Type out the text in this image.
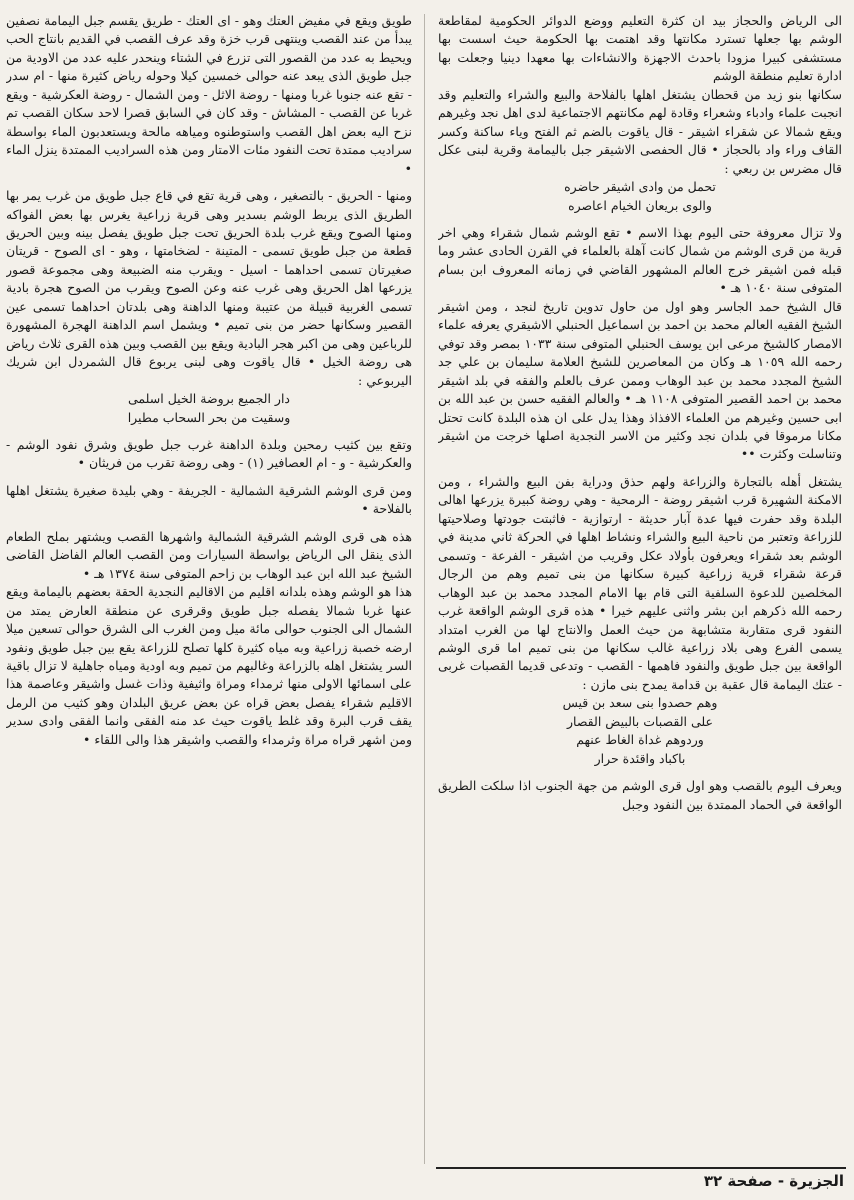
الى الرياض والحجاز بيد ان كثرة التعليم ووضع الدوائر الحكومية لمقاطعة الوشم بها جعلها تسترد مكانتها وقد اهتمت بها الحكومة حيث اسست بها مستشفى كبيرا مزودا باحدث الاجهزة والانشاءات بها معهدا دينيا وجعلت بها ادارة تعليم منطقة الوشم

سكانها بنو زيد من قحطان يشتغل اهلها بالفلاحة والبيع والشراء والتعليم وقد انجبت علماء وادباء وشعراء وقادة لهم مكانتهم الاجتماعية لدى اهل نجد وغيرهم ويقع شمالا عن شقراء اشيقر - قال ياقوت بالضم ثم الفتح وياء ساكنة وكسر القاف وراء واد بالحجاز • قال الحفصى الاشيقر جبل باليمامة وقرية لبنى عكل قال مضرس بن ربعي :

تحمل من وادى اشيقر حاضره

والوى بريعان الخيام اعاصره

ولا تزال معروفة حتى اليوم بهذا الاسم • تقع الوشم شمال شقراء وهي اخر قرية من قرى الوشم من شمال كانت آهلة بالعلماء في القرن الحادى عشر وما قبله فمن اشيقر خرج العالم المشهور القاضي في زمانه المعروف ابن بسام المتوفى سنة ١٠٤٠ هـ •

قال الشيخ حمد الجاسر وهو اول من حاول تدوين تاريخ لنجد ، ومن اشيقر الشيخ الفقيه العالم محمد بن احمد بن اسماعيل الحنبلي الاشيقري يعرفه علماء الامصار كالشيخ مرعى ابن يوسف الحنبلي المتوفى سنة ١٠٣٣ بمصر وقد توفي رحمه الله ١٠٥٩ هـ وكان من المعاصرين للشيخ العلامة سليمان بن علي جد الشيخ المجدد محمد بن عبد الوهاب وممن عرف بالعلم والفقه في بلد اشيقر محمد بن احمد القصير المتوفى ١١٠٨ هـ • والعالم الفقيه حسن بن عبد الله بن ابى حسين وغيرهم من العلماء الافذاذ وهذا يدل على ان هذه البلدة كانت تحتل مكانا مرموقا في بلدان نجد وكثير من الاسر النجدية اصلها خرجت من اشيقر وتناسلت وكثرت ••

يشتغل أهله بالتجارة والزراعة ولهم حذق ودراية بفن البيع والشراء ، ومن الامكنة الشهيرة قرب اشيقر روضة - الرمحية - وهي روضة كبيرة يزرعها اهالى البلدة وقد حفرت فيها عدة آبار حديثة - ارتوازية - فاثبتت جودتها وصلاحيتها للزراعة وتعتبر من ناحية البيع والشراء ونشاط اهلها في الحركة ثاني مدينة في الوشم بعد شقراء ويعرفون بأولاد عكل وقريب من اشيقر - الفرعة - وتسمى قرعة شقراء قرية زراعية كبيرة سكانها من بنى تميم وهم من الرجال المخلصين للدعوة السلفية التى قام بها الامام المجدد محمد بن عبد الوهاب رحمه الله ذكرهم ابن بشر واثنى عليهم خيرا • هذه قرى الوشم الواقعة غرب النفود قرى متقاربة متشابهة من حيث العمل والانتاج لها من الغرب امتداد يسمى الفرع وهى بلاد زراعية غالب سكانها من بنى تميم اما قرى الوشم الواقعة بين جبل طويق والنفود فاهمها - القصب - وتدعى قديما القصبات غربى - عتك اليمامة قال عقبة بن قدامة يمدح بنى مازن :

وهم حصدوا بنى سعد بن قيس

على القصبات بالبيض القصار

وردوهم غداة الغاط عنهم

باكباد واقئدة حرار

ويعرف اليوم بالقصب وهو اول قرى الوشم من جهة الجنوب اذا سلكت الطريق الواقعة في الحماد الممتدة بين النفود وجبل

طويق ويقع في مفيض العتك وهو - اى العتك - طريق يقسم جبل اليمامة نصفين يبدأ من عند القصب وينتهى قرب خزة وقد عرف القصب في القديم بانتاج الحب ويحيط به عدد من القصور التى تزرع في الشتاء وينحدر عليه عدد من الاودية من جبل طويق الذى يبعد عنه حوالى خمسين كيلا وحوله رياض كثيرة منها - ام سدر - تقع عنه جنوبا غربا ومنها - روضة الاثل - ومن الشمال - روضة العكرشية - ويقع غربا عن القصب - المشاش - وقد كان في السابق قصرا لاحد سكان القصب تم نزح اليه بعض اهل القصب واستوطنوه ومياهه مالحة ويستعدبون الماء بواسطة سراديب ممتدة تحت النفود مئات الامتار ومن هذه السراديب الممتدة ينزل الماء •

ومنها - الحريق - بالتصغير ، وهى قرية تقع في قاع جبل طويق من غرب يمر بها الطريق الذى يربط الوشم بسدير وهى قرية زراعية يغرس بها بعض الفواكه ومنها الصوح ويقع غرب بلدة الحريق تحت جبل طويق يفصل بينه وبين الحريق قطعة من جبل طويق تسمى - المتينة - لضخامتها ، وهو - اى الصوح - قريتان صغيرتان تسمى احداهما - اسيل - ويقرب منه الضبيعة وهى مجموعة قصور يزرعها اهل الحريق وهى غرب عنه وعن الصوح ويقرب من الصوح هجرة بادية تسمى الغربية قبيلة من عتيبة ومنها الداهنة وهى بلدتان احداهما تسمى عين القصير وسكانها حضر من بنى تميم • ويشمل اسم الداهنة الهجرة المشهورة للرباعين وهى من اكبر هجر البادية ويقع بين القصب وبين هذه القرى ثلاث رياض هى روضة الخيل • قال ياقوت وهى لبنى يربوع قال الشمردل ابن شريك اليربوعي :

دار الجميع بروضة الخيل اسلمى

وسقيت من بحر السحاب مطيرا

وتقع بين كثيب رمحين وبلدة الداهنة غرب جبل طويق وشرق نفود الوشم - والعكرشية - و - ام العصافير (١) - وهى روضة تقرب من فريثان •

ومن قرى الوشم الشرقية الشمالية - الجريفة - وهي بليدة صغيرة يشتغل اهلها بالفلاحة •

هذه هى قرى الوشم الشرقية الشمالية واشهرها القصب ويشتهر بملح الطعام الذى ينقل الى الرياض بواسطة السيارات ومن القصب العالم الفاضل القاضى الشيخ عبد الله ابن عبد الوهاب بن زاحم المتوفى سنة ١٣٧٤ هـ •

هذا هو الوشم وهذه بلدانه اقليم من الاقاليم النجدية الحقة بعضهم باليمامة ويقع عنها غربا شمالا يفصله جبل طويق وقرقرى عن منطقة العارض يمتد من الشمال الى الجنوب حوالى مائة ميل ومن الغرب الى الشرق حوالى تسعين ميلا ارضه خصبة زراعية وبه مياه كثيرة كلها تصلح للزراعة يقع بين جبل طويق ونفود السر يشتغل اهله بالزراعة وغالبهم من تميم وبه اودية ومياه جاهلية لا تزال باقية على اسمائها الاولى منها ثرمداء ومراة واثيفية وذات غسل واشيقر وعاصمة هذا الاقليم شقراء يفصل بعض قراه عن بعض عريق البلدان وهو كثيب من الرمل يقف قرب البرة وقد غلط ياقوت حيث عد منه الفقى وانما الفقى وادى سدير ومن اشهر قراه مراة وثرمداء والقصب واشيقر هذا والى اللقاء •

الجزيرة - صفحة ٣٢
